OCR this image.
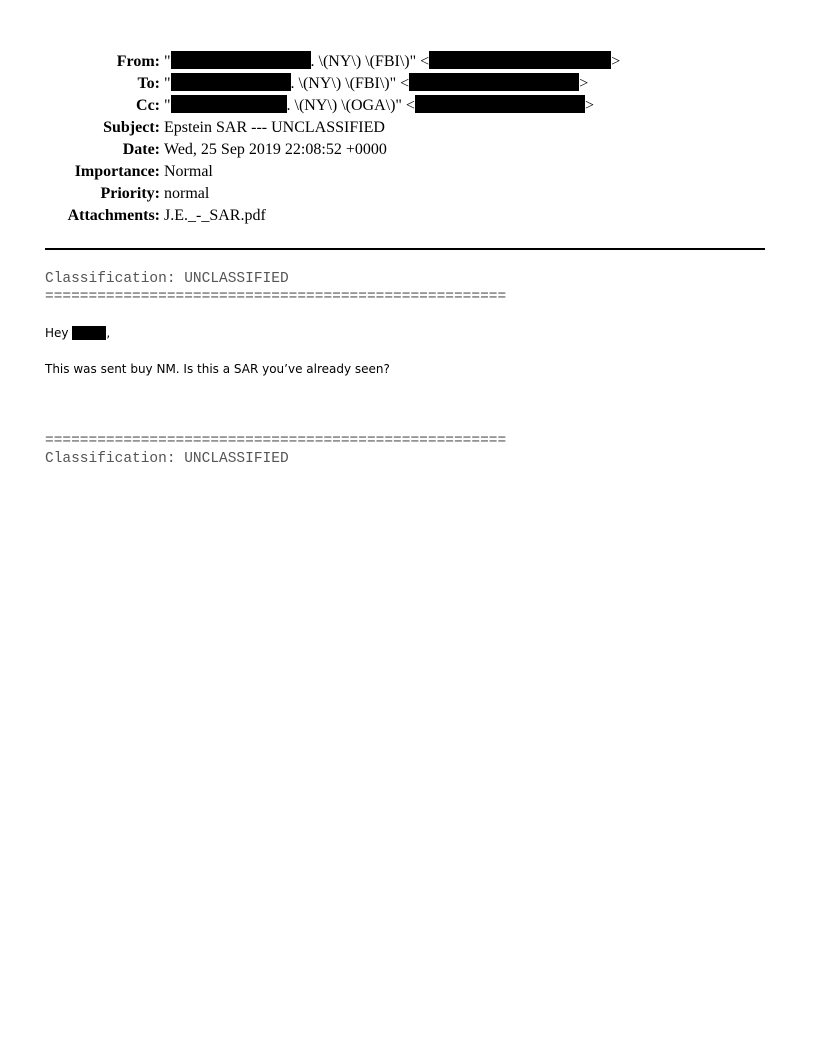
From: "	. \(NY\) \(FBI\)" <	>
To: "	. \(NY\) \(FBI\)" <	>
Cc: "	. \(NY\) \(OGA\)" <	>
Subject: Epstein SAR --- UNCLASSIFIED
Date: Wed, 25 Sep 2019 22:08:52 +0000
Importance: Normal
Priority: normal
Attachments: J.E._-_SAR.pdf
Classification: UNCLASSIFIED
=====================================================
Hey	,
This was sent buy NM. Is this a SAR you’ve already seen?
=====================================================
Classification: UNCLASSIFIED
